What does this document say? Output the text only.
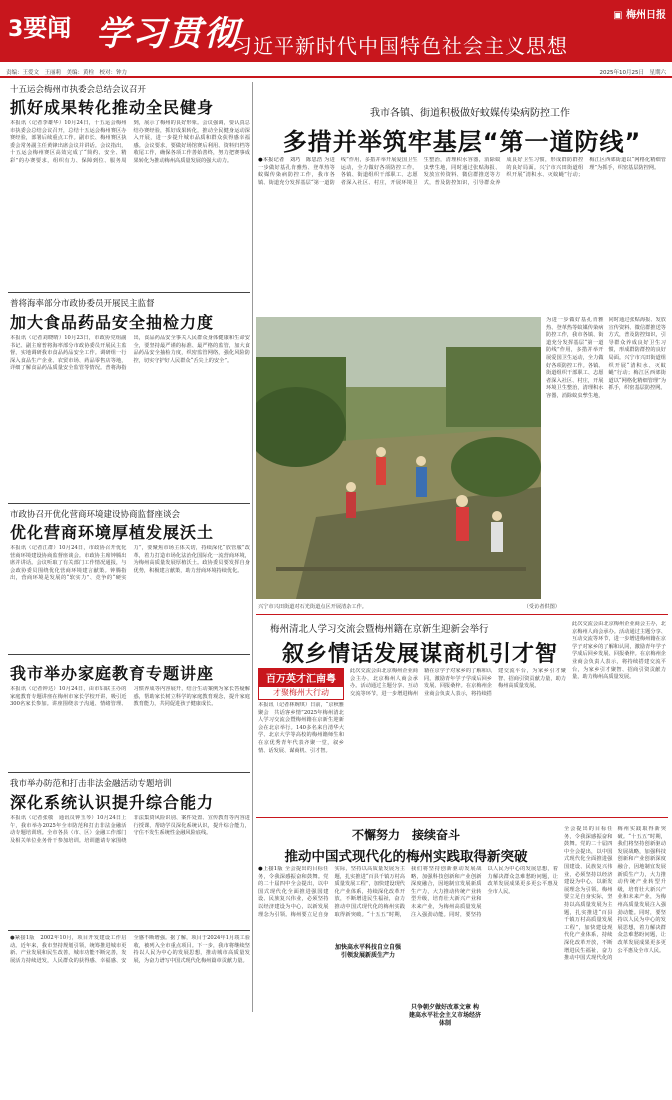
3要闻 学习贯彻
习近平新时代中国特色社会主义思想
▣ 梅州日报
责编：王爱文　王丽莉　美编：黄栓　校对：钟力	2025年10月25日　星期六
十五运会梅州市执委会总结会议召开
抓好成果转化推动全民健身
本报讯（记者李雄华）10月24日，十五运会梅州市执委会总结会议召开，总结十五运会梅州赛区办赛经验，部署后续重点工作。副市长、梅州赛区执委会常务副主任黄锋出席会议并讲话。会议指出，十五运会梅州赛区高效完成了“简约、安全、精彩”的办赛要求，组织有力、保障到位、服务周到，展示了梅州的良好形象。会议强调，要认真总结办赛经验，抓好成果转化，推动全民健身运动深入开展，进一步提升城市品质和群众获得感幸福感。会议要求，要做好场馆赛后利用、资料归档等收尾工作，确保各项工作善始善终，努力把赛事成果转化为推动梅州高质量发展的强大动力。
普将海率部分市政协委员开展民主监督
加大食品药品安全抽检力度
本报讯（记者刘晓晴）10月23日，市政协党组副书记、副主席普将海率部分市政协委员开展民主监督，实地调研我市食品药品安全工作。调研组一行深入食品生产企业、农贸市场、药品零售店等地，详细了解食品药品质量安全监管等情况。普将海指出，食品药品安全事关人民群众身体健康和生命安全，要坚持最严谨的标准、最严格的监管，加大食品药品安全抽检力度，织密监管网络，强化风险防控，切实守护好人民群众“舌尖上的安全”。
市政协召开优化营商环境建设协商监督座谈会
优化营商环境厚植发展沃土
本报讯（记者江群）10月24日，市政协召开优化营商环境建设协商监督座谈会。市政协主席钟腾出席并讲话。会议听取了有关部门工作情况通报，与会政协委员围绕优化营商环境建言献策。钟腾指出，营商环境是发展的“软实力”、竞争的“硬实力”，要聚焦市场主体关切，持续深化“放管服”改革，着力打造市场化法治化国际化一流营商环境，为梅州高质量发展厚植沃土。政协委员要发挥自身优势，积极建言献策，助力营商环境持续优化。
我市举办家庭教育专题讲座
本报讯（记者钟达）10月24日，由市妇联主办的家庭教育专题讲座在梅州市家长学校开讲，吸引近300名家长参加。讲座围绕亲子沟通、情绪管理、习惯养成等内容展开，结合生动案例为家长答疑解惑，帮助家长树立科学的家庭教育观念，提升家庭教育能力，共同促进孩子健康成长。
我市举办防范和打击非法金融活动专题培训
深化系统认识提升综合能力
本报讯（记者张敬　通讯员钟玉琴）10月24日上午，我市举办2025年全市防范和打击非法金融活动专题培训班。全市各县（市、区）金融工作部门及相关单位业务骨干参加培训。培训邀请专家围绕非法集资风险识别、案件处置、宣传教育等内容进行授课，帮助学员深化系统认识，提升综合能力，守住不发生系统性金融风险底线。
●紧接1版　2002年10月，项目开发建设工作启动。近年来，我市坚持规划引领，统筹推进城市更新、产业发展和民生改善，城市功能不断完善，发展活力持续迸发，人民群众的获得感、幸福感、安全感不断增强。据了解，项目于2024年1月竣工验收，被列入全市重点项目。下一步，我市将继续坚持以人民为中心的发展思想，推动城市高质量发展，为奋力谱写中国式现代化梅州篇章贡献力量。
我市各镇、街道积极做好蚊媒传染病防控工作
多措并举筑牢基层“第一道防线”
●本报记者　刘巧　陈思浩 为进一步做好基孔肯雅热、登革热等蚊媒传染病防控工作，我市各镇、街道充分发挥基层“第一道防线”作用，多措并举开展爱国卫生运动，全力做好各项防控工作。各镇、街道组织干部职工、志愿者深入社区、村庄，开展环境卫生整治，清理积水容器，消除蚊虫孳生地，同时通过张贴海报、发放宣传资料、微信群推送等方式，普及防控知识，引导群众养成良好卫生习惯，形成群防群控的良好局面。兴宁市兴田街道组织开展“清积水、灭蚊蝇”行动；梅江区西郊街道以“网格化精细管理”为抓手，织密基层防控网。
兴宁市兴田街道对石光街道点区开展清杂工作。	（受访者供图）
为进一步做好基孔肯雅热、登革热等蚊媒传染病防控工作，我市各镇、街道充分发挥基层“第一道防线”作用，多措并举开展爱国卫生运动，全力做好各项防控工作。各镇、街道组织干部职工、志愿者深入社区、村庄，开展环境卫生整治，清理积水容器，消除蚊虫孳生地，同时通过张贴海报、发放宣传资料、微信群推送等方式，普及防控知识，引导群众养成良好卫生习惯，形成群防群控的良好局面。兴宁市兴田街道组织开展“清积水、灭蚊蝇”行动；梅江区西郊街道以“网格化精细管理”为抓手，织密基层防控网。
梅州清北人学习交流会暨梅州籍在京新生迎新会举行
叙乡情话发展谋商机引才智
百万英才汇南粤
才聚梅州大行动
本报讯（记者林婉琪）日前，“京秋雅聚会　共话客乡情”2025年梅州清北人学习交流会暨梅州籍在京新生迎新会在北京举行。140多名来自清华大学、北京大学等高校的梅州籍师生和在京优秀青年代表齐聚一堂，叙乡情、话发展、谋商机、引才智。
此次交流会由北京梅州企业商会主办，北京梅州人商会承办。活动通过主题分享、互动交流等环节，进一步增进梅州籍在京学子对家乡的了解和认同，激励青年学子学成后回乡发展、回报桑梓。在京梅州企业商会负责人表示，将持续搭建交流平台，为家乡引才聚智、招商引资贡献力量，助力梅州高质量发展。
此次交流会由北京梅州企业商会主办，北京梅州人商会承办。活动通过主题分享、互动交流等环节，进一步增进梅州籍在京学子对家乡的了解和认同，激励青年学子学成后回乡发展、回报桑梓。在京梅州企业商会负责人表示，将持续搭建交流平台，为家乡引才聚智、招商引资贡献力量，助力梅州高质量发展。
不懈努力　接续奋斗
推动中国式现代化的梅州实践取得新突破
●上接1版 全会提出的目标任务，令我深感振奋和鼓舞。党的二十届四中全会提出，以中国式现代化全面推进强国建设、民族复兴伟业，必须坚持以经济建设为中心，以新发展理念为引领。梅州要立足自身实际，坚持以高质量发展为主题，扎实推进“百县千镇万村高质量发展工程”，加快建设现代化产业体系，持续深化改革开放，不断增进民生福祉，奋力推动中国式现代化的梅州实践取得新突破。“十五五”时期，我们将坚持创新驱动发展战略，加强科技创新和产业创新深度融合，因地制宜发展新质生产力，大力推动传统产业转型升级，培育壮大新兴产业和未来产业，为梅州高质量发展注入强劲动能。同时，要坚持以人民为中心的发展思想，着力解决群众急难愁盼问题，让改革发展成果更多更公平惠及全市人民。
加快高水平科技自立自强引领发展新质生产力
只争朝夕做好改革文章 构建高水平社会主义市场经济体制
全会提出的目标任务，令我深感振奋和鼓舞。党的二十届四中全会提出，以中国式现代化全面推进强国建设、民族复兴伟业，必须坚持以经济建设为中心，以新发展理念为引领。梅州要立足自身实际，坚持以高质量发展为主题，扎实推进“百县千镇万村高质量发展工程”，加快建设现代化产业体系，持续深化改革开放，不断增进民生福祉，奋力推动中国式现代化的梅州实践取得新突破。“十五五”时期，我们将坚持创新驱动发展战略，加强科技创新和产业创新深度融合，因地制宜发展新质生产力，大力推动传统产业转型升级，培育壮大新兴产业和未来产业，为梅州高质量发展注入强劲动能。同时，要坚持以人民为中心的发展思想，着力解决群众急难愁盼问题，让改革发展成果更多更公平惠及全市人民。
